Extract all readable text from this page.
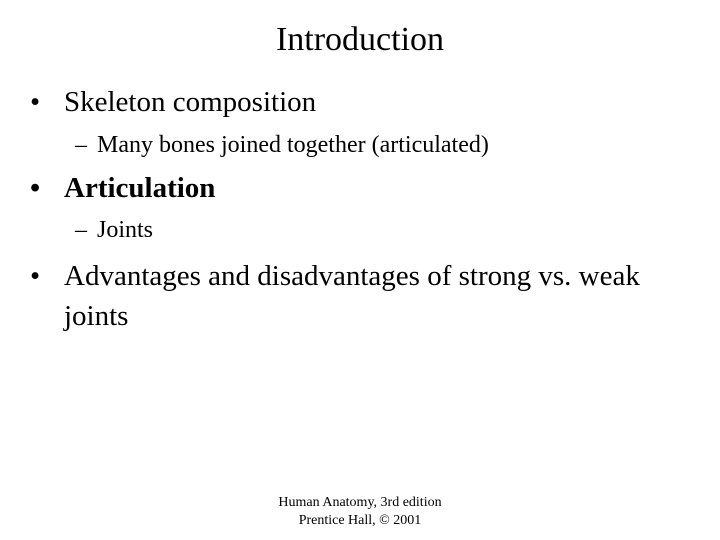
Introduction
• Skeleton composition
– Many bones joined together (articulated)
• Articulation
– Joints
• Advantages and disadvantages of strong vs. weak joints
Human Anatomy, 3rd edition
Prentice Hall, © 2001
